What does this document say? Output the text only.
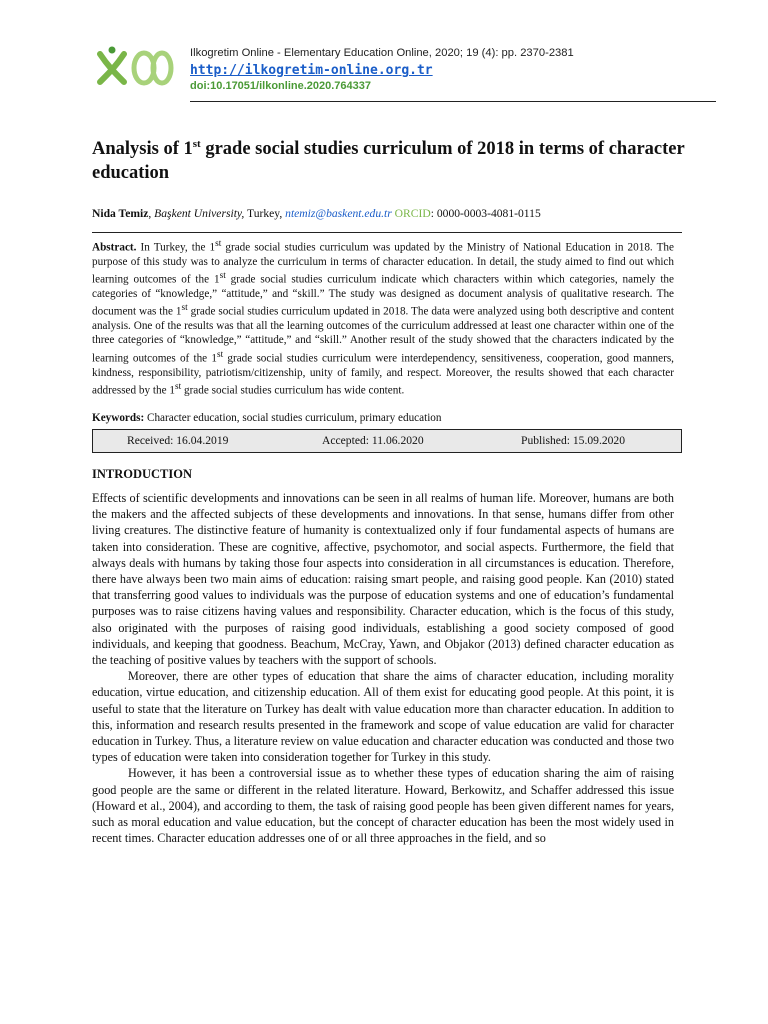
Ilkogretim Online - Elementary Education Online, 2020; 19 (4): pp. 2370-2381

http://ilkogretim-online.org.tr

doi:10.17051/ilkonline.2020.764337

Analysis of 1st grade social studies curriculum of 2018 in terms of character education
Nida Temiz, Başkent University, Turkey, ntemiz@baskent.edu.tr ORCID: 0000-0003-4081-0115

Abstract. In Turkey, the 1st grade social studies curriculum was updated by the Ministry of National Education in 2018. The purpose of this study was to analyze the curriculum in terms of character education. In detail, the study aimed to find out which learning outcomes of the 1st grade social studies curriculum indicate which characters within which categories, namely the categories of “knowledge,” “attitude,” and “skill.” The study was designed as document analysis of qualitative research. The document was the 1st grade social studies curriculum updated in 2018. The data were analyzed using both descriptive and content analysis. One of the results was that all the learning outcomes of the curriculum addressed at least one character within one of the three categories of “knowledge,” “attitude,” and “skill.” Another result of the study showed that the characters indicated by the learning outcomes of the 1st grade social studies curriculum were interdependency, sensitiveness, cooperation, good manners, kindness, responsibility, patriotism/citizenship, unity of family, and respect. Moreover, the results showed that each character addressed by the 1st grade social studies curriculum has wide content.

Keywords: Character education, social studies curriculum, primary education
Received: 16.04.2019	Accepted: 11.06.2020	Published: 15.09.2020
INTRODUCTION

Effects of scientific developments and innovations can be seen in all realms of human life. Moreover, humans are both the makers and the affected subjects of these developments and innovations. In that sense, humans differ from other living creatures. The distinctive feature of humanity is contextualized only if four fundamental aspects of humans are taken into consideration. These are cognitive, affective, psychomotor, and social aspects. Furthermore, the field that always deals with humans by taking those four aspects into consideration in all circumstances is education. Therefore, there have always been two main aims of education: raising smart people, and raising good people. Kan (2010) stated that transferring good values to individuals was the purpose of education systems and one of education’s fundamental purposes was to raise citizens having values and responsibility. Character education, which is the focus of this study, also originated with the purposes of raising good individuals, establishing a good society composed of good individuals, and keeping that goodness. Beachum, McCray, Yawn, and Objakor (2013) defined character education as the teaching of positive values by teachers with the support of schools.

Moreover, there are other types of education that share the aims of character education, including morality education, virtue education, and citizenship education. All of them exist for educating good people. At this point, it is useful to state that the literature on Turkey has dealt with value education more than character education. In addition to this, information and research results presented in the framework and scope of value education are valid for character education in Turkey. Thus, a literature review on value education and character education was conducted and those two types of education were taken into consideration together for Turkey in this study.

However, it has been a controversial issue as to whether these types of education sharing the aim of raising good people are the same or different in the related literature. Howard, Berkowitz, and Schaffer addressed this issue (Howard et al., 2004), and according to them, the task of raising good people has been given different names for years, such as moral education and value education, but the concept of character education has been the most widely used in recent times. Character education addresses one of or all three approaches in the field, and so
